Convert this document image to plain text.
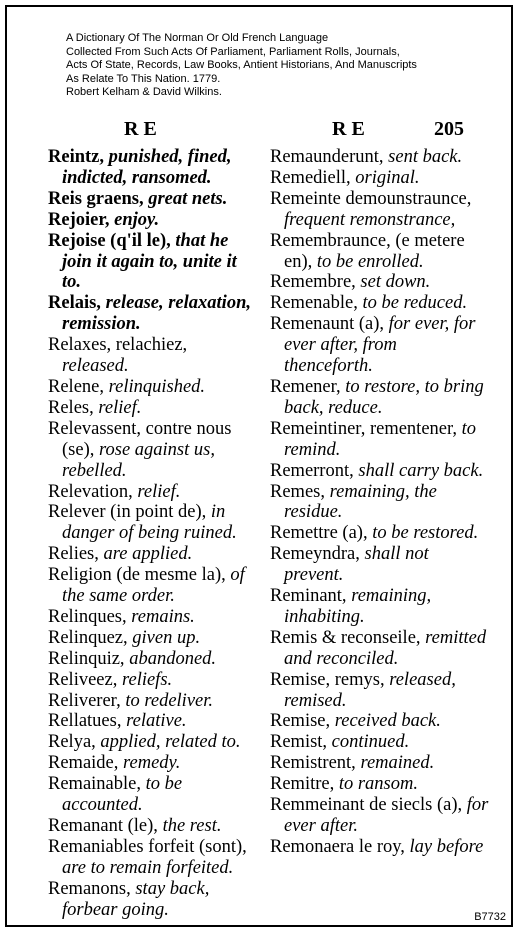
A Dictionary Of The Norman Or Old French Language
Collected From Such Acts Of Parliament, Parliament Rolls, Journals,
Acts Of State, Records, Law Books, Antient Historians, And Manuscripts
As Relate To This Nation. 1779.
Robert Kelham & David Wilkins.
R E	R E	205
Reintz, punished, fined, indicted, ransomed.
Reis graens, great nets.
Rejoier, enjoy.
Rejoise (q'il le), that he join it again to, unite it to.
Relais, release, relaxation, remission.
Relaxes, relachiez, released.
Relene, relinquished.
Reles, relief.
Relevassent, contre nous (se), rose against us, rebelled.
Relevation, relief.
Relever (in point de), in danger of being ruined.
Relies, are applied.
Religion (de mesme la), of the same order.
Relinques, remains.
Relinquez, given up.
Relinquiz, abandoned.
Reliveez, reliefs.
Reliverer, to redeliver.
Rellatues, relative.
Relya, applied, related to.
Remaide, remedy.
Remainable, to be accounted.
Remanant (le), the rest.
Remaniables forfeit (sont), are to remain forfeited.
Remanons, stay back, forbear going.
Remaunderunt, sent back.
Remediell, original.
Remeinte demounstraunce, frequent remonstrance,
Remembraunce, (e metere en), to be enrolled.
Remembre, set down.
Remenable, to be reduced.
Remenaunt (a), for ever, for ever after, from thenceforth.
Remener, to restore, to bring back, reduce.
Remeintiner, rementener, to remind.
Remerront, shall carry back.
Remes, remaining, the residue.
Remettre (a), to be restored.
Remeyndra, shall not prevent.
Reminant, remaining, inhabiting.
Remis & reconseile, remitted and reconciled.
Remise, remys, released, remised.
Remise, received back.
Remist, continued.
Remistrent, remained.
Remitre, to ransom.
Remmeinant de siecls (a), for ever after.
Remonaera le roy, lay before
B7732
